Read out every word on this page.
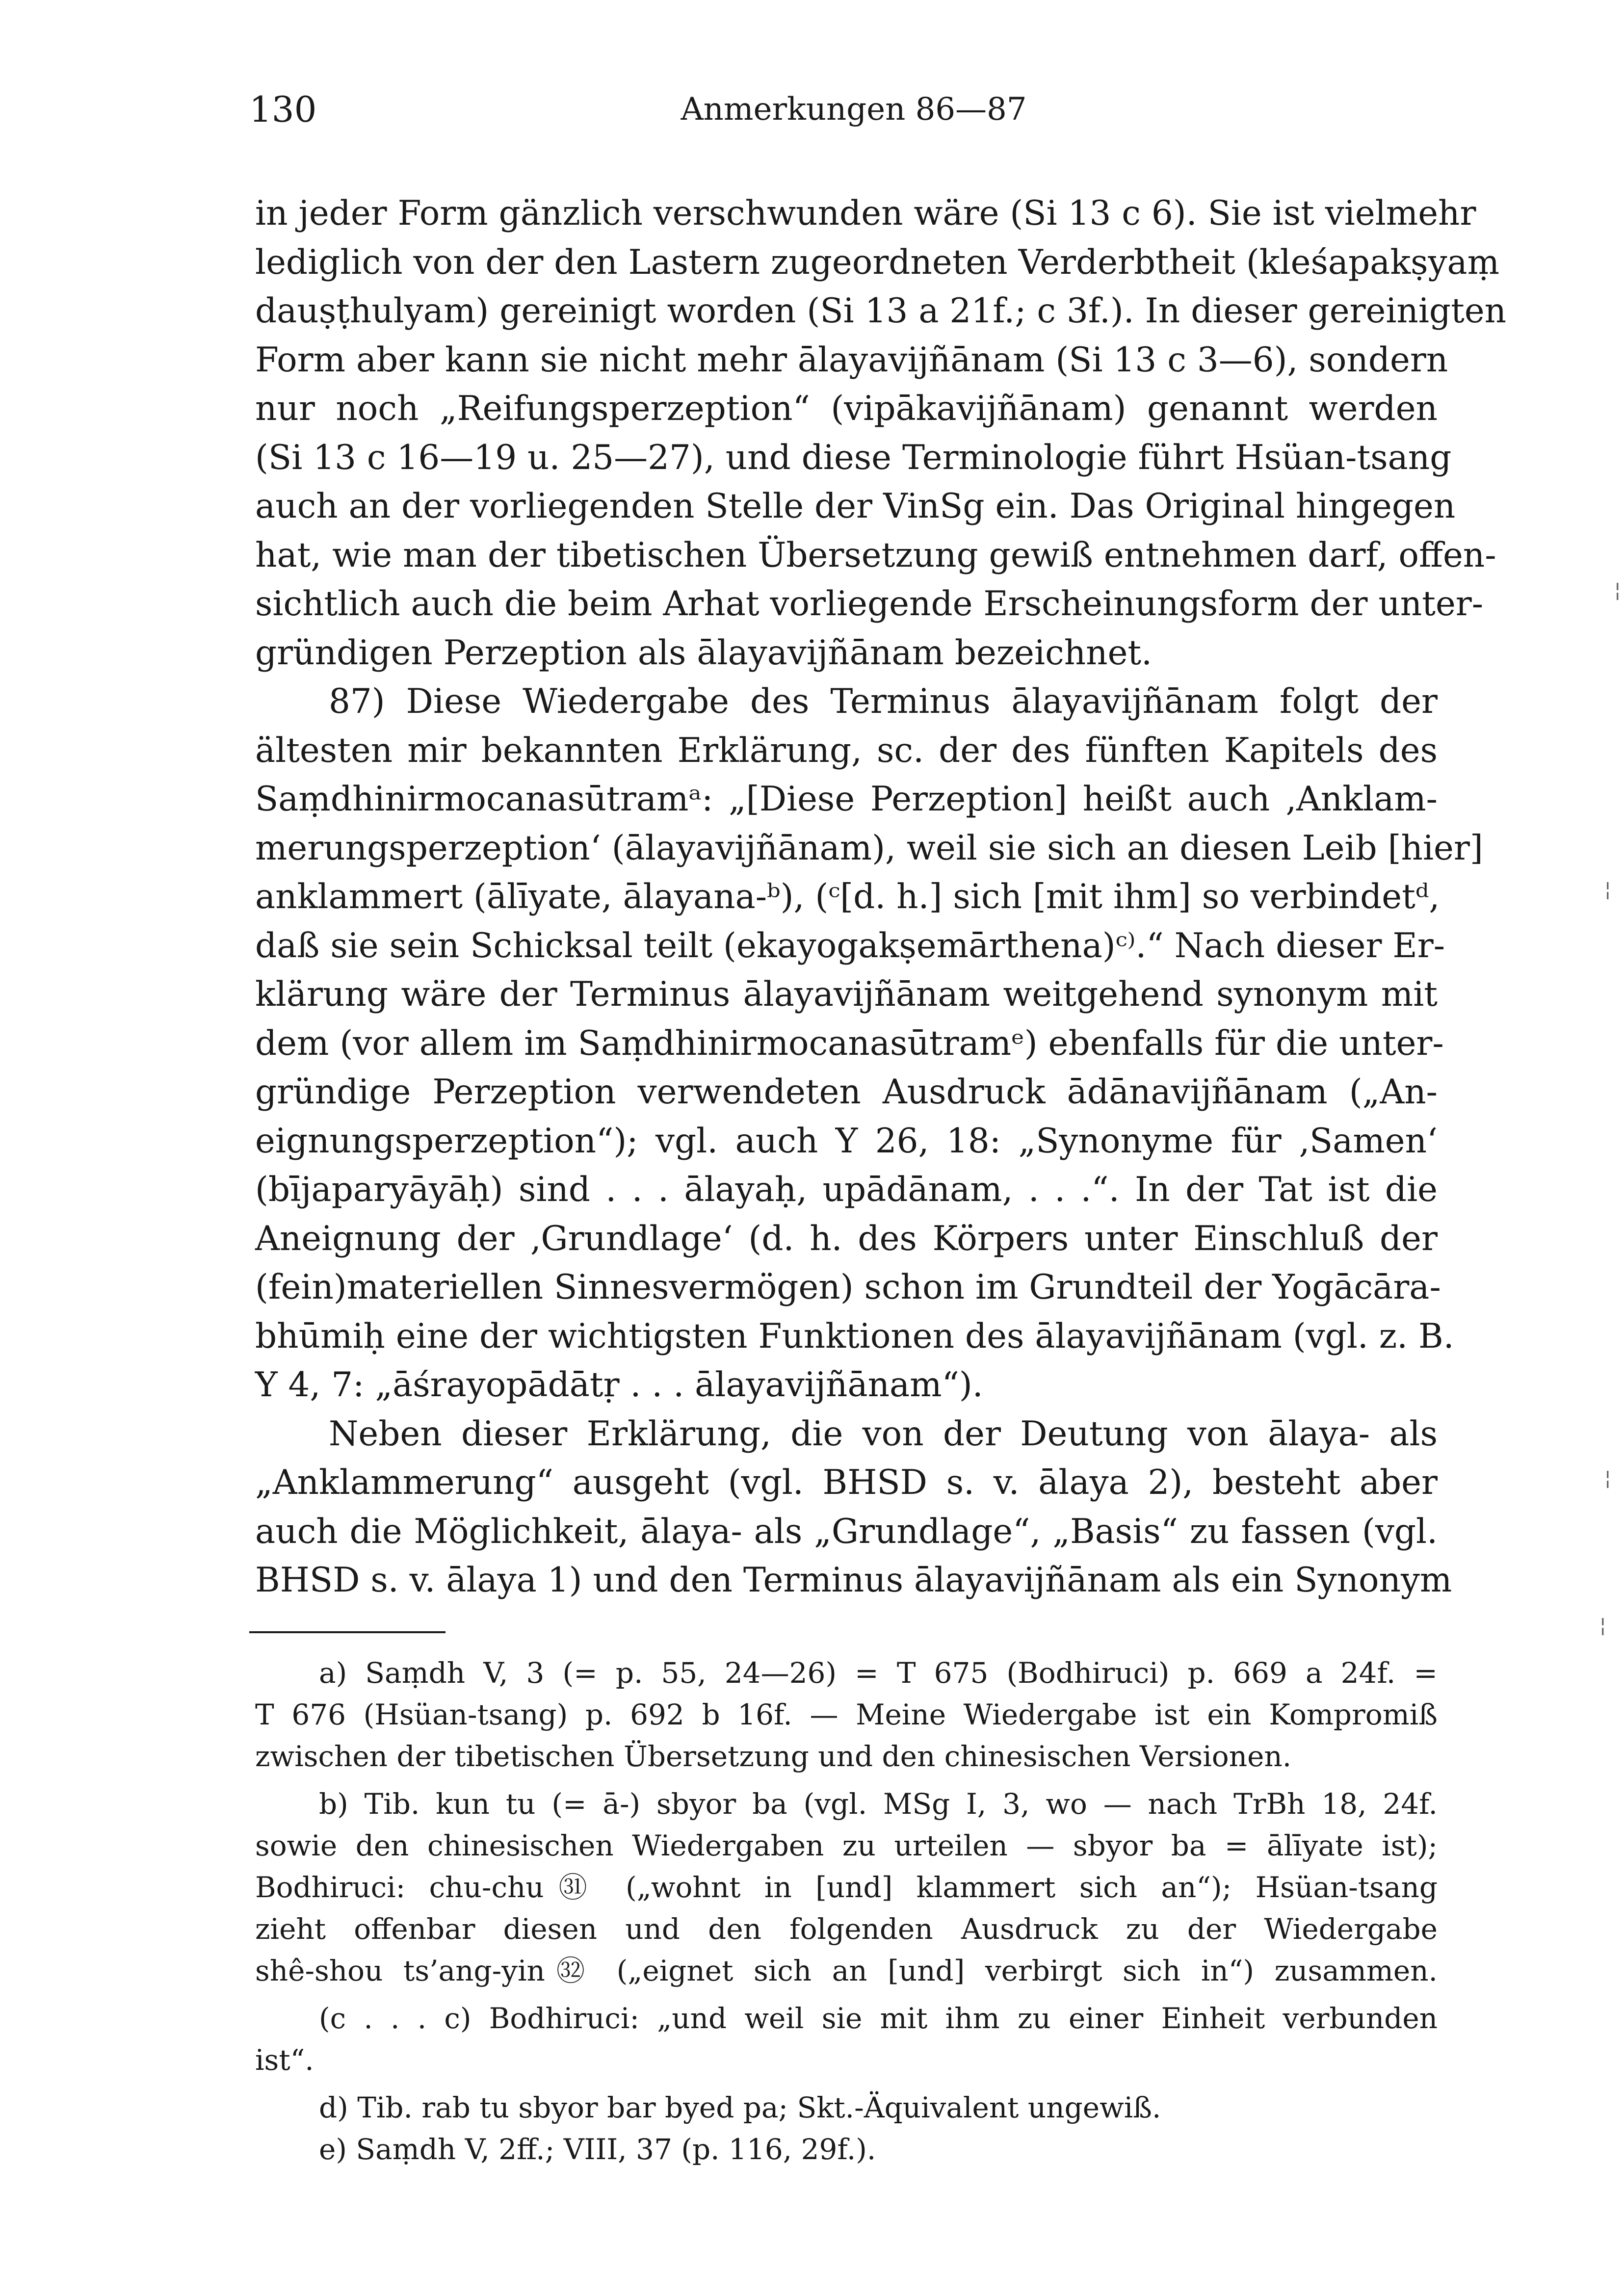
130	Anmerkungen 86—87
in jeder Form gänzlich verschwunden wäre (Si 13 c 6). Sie ist vielmehr
lediglich von der den Lastern zugeordneten Verderbtheit (kleśapakṣyaṃ
dauṣṭhulyam) gereinigt worden (Si 13 a 21f.; c 3f.). In dieser gereinigten
Form aber kann sie nicht mehr ālayavijñānam (Si 13 c 3—6), sondern
nur noch „Reifungsperzeption“ (vipākavijñānam) genannt werden
(Si 13 c 16—19 u. 25—27), und diese Terminologie führt Hsüan-tsang
auch an der vorliegenden Stelle der VinSg ein. Das Original hingegen
hat, wie man der tibetischen Übersetzung gewiß entnehmen darf, offen-
sichtlich auch die beim Arhat vorliegende Erscheinungsform der unter-
gründigen Perzeption als ālayavijñānam bezeichnet.
87) Diese Wiedergabe des Terminus ālayavijñānam folgt der
ältesten mir bekannten Erklärung, sc. der des fünften Kapitels des
Saṃdhinirmocanasūtramᵃ: „[Diese Perzeption] heißt auch ‚Anklam-
merungsperzeption‘ (ālayavijñānam), weil sie sich an diesen Leib [hier]
anklammert (ālīyate, ālayana-ᵇ), (ᶜ[d. h.] sich [mit ihm] so verbindetᵈ,
daß sie sein Schicksal teilt (ekayogakṣemārthena)ᶜ⁾.“ Nach dieser Er-
klärung wäre der Terminus ālayavijñānam weitgehend synonym mit
dem (vor allem im Saṃdhinirmocanasūtramᵉ) ebenfalls für die unter-
gründige Perzeption verwendeten Ausdruck ādānavijñānam („An-
eignungsperzeption“); vgl. auch Y 26, 18: „Synonyme für ‚Samen‘
(bījaparyāyāḥ) sind . . . ālayaḥ, upādānam, . . .“. In der Tat ist die
Aneignung der ‚Grundlage‘ (d. h. des Körpers unter Einschluß der
(fein)materiellen Sinnesvermögen) schon im Grundteil der Yogācāra-
bhūmiḥ eine der wichtigsten Funktionen des ālayavijñānam (vgl. z. B.
Y 4, 7: „āśrayopādātṛ . . . ālayavijñānam“).
Neben dieser Erklärung, die von der Deutung von ālaya- als
„Anklammerung“ ausgeht (vgl. BHSD s. v. ālaya 2), besteht aber
auch die Möglichkeit, ālaya- als „Grundlage“, „Basis“ zu fassen (vgl.
BHSD s. v. ālaya 1) und den Terminus ālayavijñānam als ein Synonym
a) Saṃdh V, 3 (= p. 55, 24—26) = T 675 (Bodhiruci) p. 669 a 24f. =
T 676 (Hsüan-tsang) p. 692 b 16f. — Meine Wiedergabe ist ein Kompromiß
zwischen der tibetischen Übersetzung und den chinesischen Versionen.
b) Tib. kun tu (= ā-) sbyor ba (vgl. MSg I, 3, wo — nach TrBh 18, 24f.
sowie den chinesischen Wiedergaben zu urteilen — sbyor ba = ālīyate ist);
Bodhiruci: chu-chu㉛ („wohnt in [und] klammert sich an“); Hsüan-tsang
zieht offenbar diesen und den folgenden Ausdruck zu der Wiedergabe
shê-shou ts’ang-yin㉜ („eignet sich an [und] verbirgt sich in“) zusammen.
(c . . . c) Bodhiruci: „und weil sie mit ihm zu einer Einheit verbunden
ist“.
d) Tib. rab tu sbyor bar byed pa; Skt.-Äquivalent ungewiß.
e) Saṃdh V, 2ff.; VIII, 37 (p. 116, 29f.).
¦
¦
¦
¦
